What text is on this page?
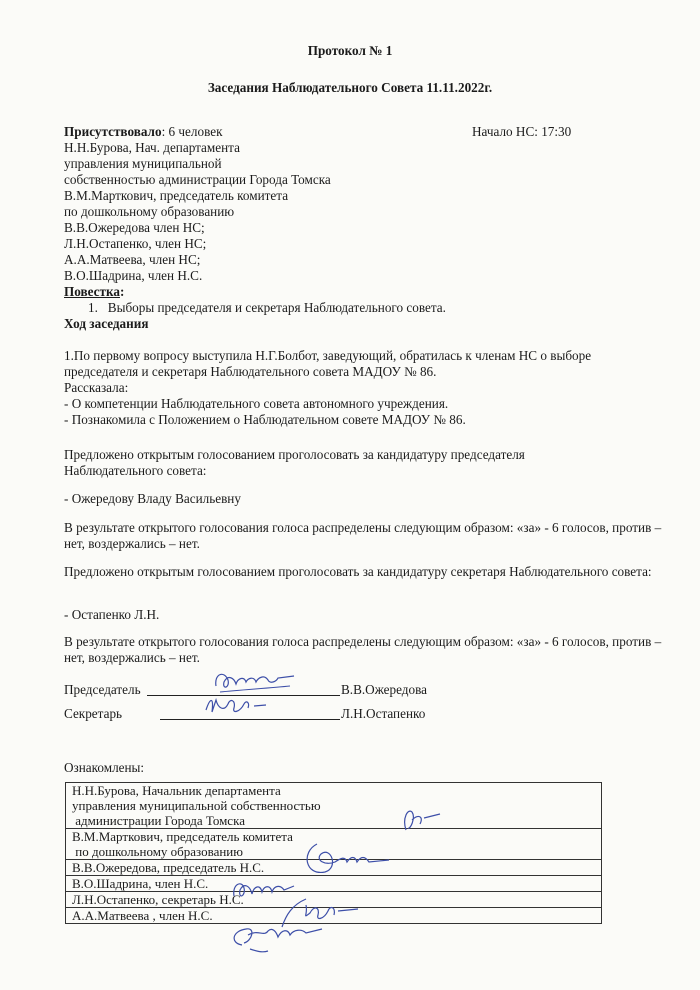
Протокол № 1
Заседания Наблюдательного Совета 11.11.2022г.
Присутствовало: 6 человек	Начало НС: 17:30
Н.Н.Бурова, Нач. департамента
управления муниципальной
собственностью администрации Города Томска
В.М.Марткович, председатель комитета
по дошкольному образованию
В.В.Ожередова член НС;
Л.Н.Остапенко, член НС;
А.А.Матвеева, член НС;
В.О.Шадрина, член Н.С.
Повестка:
1. Выборы председателя и секретаря Наблюдательного совета.
Ход заседания
1.По первому вопросу выступила Н.Г.Болбот, заведующий, обратилась к членам НС о выборе председателя и секретаря Наблюдательного совета МАДОУ № 86.
Рассказала:
- О компетенции Наблюдательного совета автономного учреждения.
- Познакомила с Положением о Наблюдательном совете МАДОУ № 86.
Предложено открытым голосованием проголосовать за кандидатуру председателя Наблюдательного совета:
- Ожередову Владу Васильевну
В результате открытого голосования голоса распределены следующим образом: «за» - 6 голосов, против – нет, воздержались – нет.
Предложено открытым голосованием проголосовать за кандидатуру секретаря Наблюдательного совета:
- Остапенко Л.Н.
В результате открытого голосования голоса распределены следующим образом: «за» - 6 голосов, против – нет, воздержались – нет.
Председатель	В.В.Ожередова
Секретарь	Л.Н.Остапенко
Ознакомлены:
Н.Н.Бурова, Начальник департамента
управления муниципальной собственностью
администрации Города Томска

В.М.Марткович, председатель комитета
по дошкольному образованию

В.В.Ожередова, председатель Н.С.
В.О.Шадрина, член Н.С.
Л.Н.Остапенко, секретарь Н.С.
А.А.Матвеева , член Н.С.
